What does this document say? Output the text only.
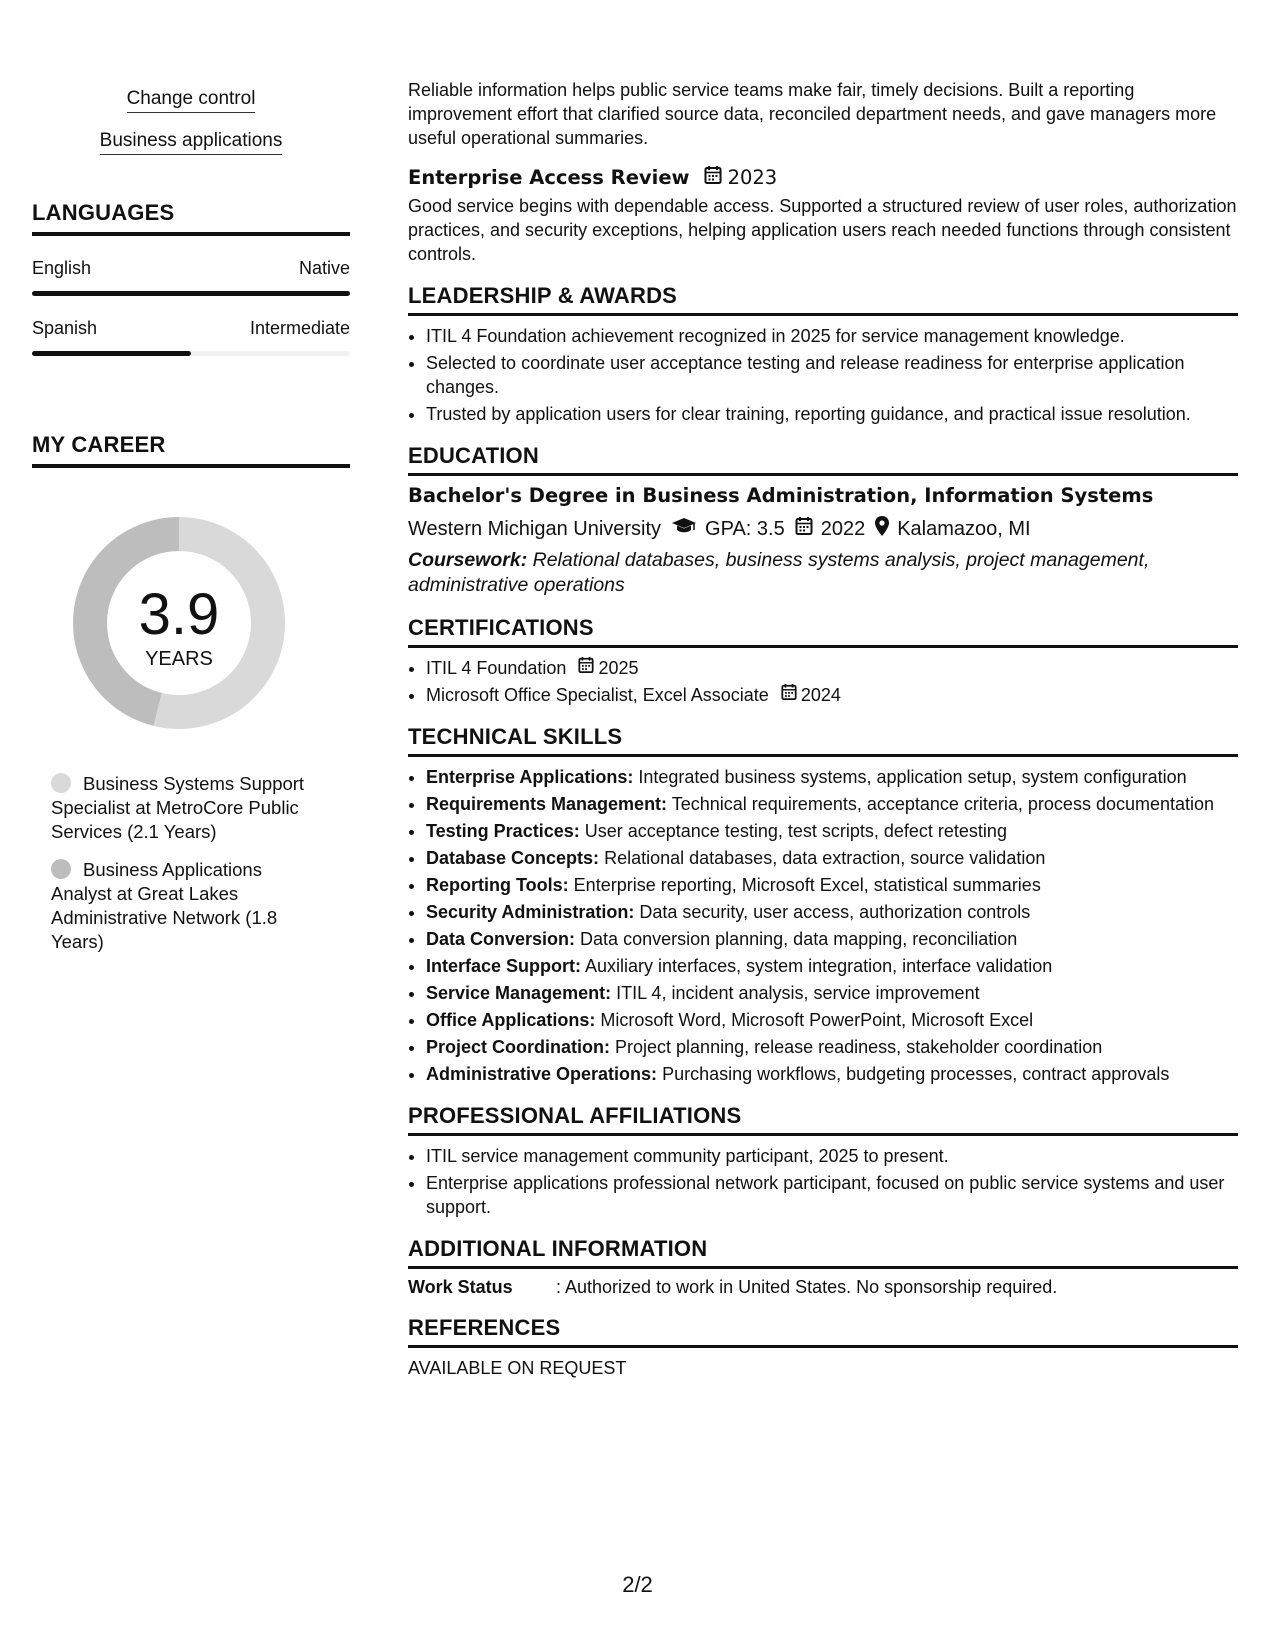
Change control
Business applications
LANGUAGES
English	Native
Spanish	Intermediate
MY CAREER
3.9
YEARS
Business Systems Support Specialist at MetroCore Public Services (2.1 Years)
Business Applications Analyst at Great Lakes Administrative Network (1.8 Years)

Reliable information helps public service teams make fair, timely decisions. Built a reporting improvement effort that clarified source data, reconciled department needs, and gave managers more useful operational summaries.

Enterprise Access Review 2023

Good service begins with dependable access. Supported a structured review of user roles, authorization practices, and security exceptions, helping application users reach needed functions through consistent controls.

LEADERSHIP & AWARDS
• ITIL 4 Foundation achievement recognized in 2025 for service management knowledge.
• Selected to coordinate user acceptance testing and release readiness for enterprise application changes.
• Trusted by application users for clear training, reporting guidance, and practical issue resolution.
EDUCATION
Bachelor's Degree in Business Administration, Information Systems
Western Michigan University GPA: 3.5 2022 Kalamazoo, MI
Coursework: Relational databases, business systems analysis, project management, administrative operations
CERTIFICATIONS
• ITIL 4 Foundation 2025
• Microsoft Office Specialist, Excel Associate 2024
TECHNICAL SKILLS
• Enterprise Applications: Integrated business systems, application setup, system configuration
• Requirements Management: Technical requirements, acceptance criteria, process documentation
• Testing Practices: User acceptance testing, test scripts, defect retesting
• Database Concepts: Relational databases, data extraction, source validation
• Reporting Tools: Enterprise reporting, Microsoft Excel, statistical summaries
• Security Administration: Data security, user access, authorization controls
• Data Conversion: Data conversion planning, data mapping, reconciliation
• Interface Support: Auxiliary interfaces, system integration, interface validation
• Service Management: ITIL 4, incident analysis, service improvement
• Office Applications: Microsoft Word, Microsoft PowerPoint, Microsoft Excel
• Project Coordination: Project planning, release readiness, stakeholder coordination
• Administrative Operations: Purchasing workflows, budgeting processes, contract approvals
PROFESSIONAL AFFILIATIONS
• ITIL service management community participant, 2025 to present.
• Enterprise applications professional network participant, focused on public service systems and user support.
ADDITIONAL INFORMATION
Work Status	: Authorized to work in United States. No sponsorship required.
REFERENCES
AVAILABLE ON REQUEST
2/2
